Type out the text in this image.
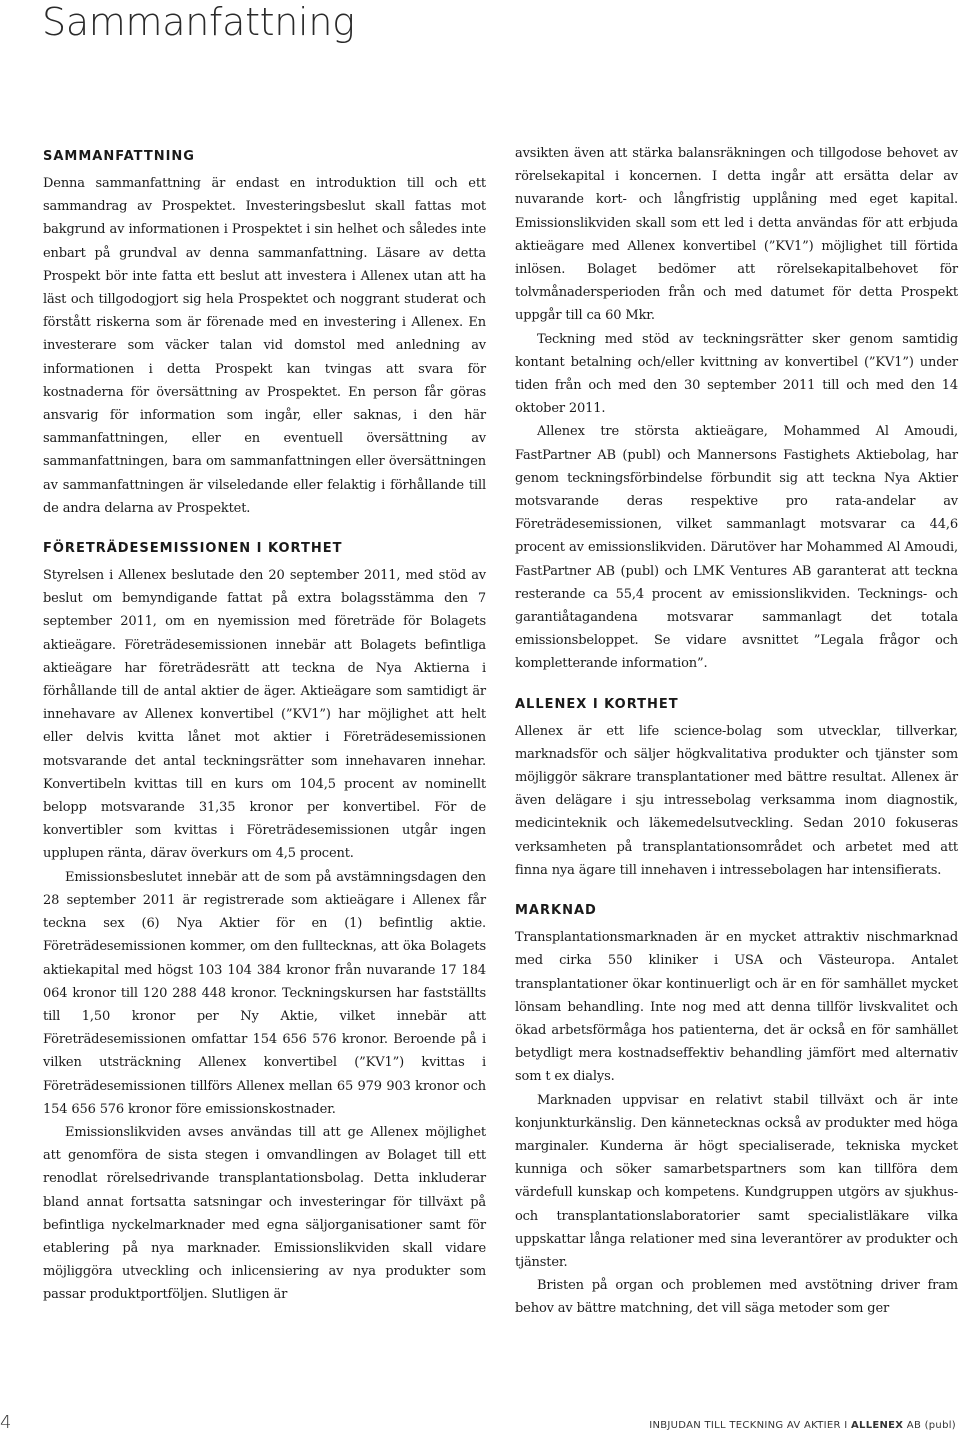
Sammanfattning
SAMMANFATTNING

Denna sammanfattning är endast en introduktion till och ett sammandrag av Prospektet. Investeringsbeslut skall fattas mot bakgrund av informationen i Prospektet i sin helhet och således inte enbart på grundval av denna sammanfattning. Läsare av detta Prospekt bör inte fatta ett beslut att investera i Allenex utan att ha läst och tillgodogjort sig hela Prospektet och noggrant studerat och förstått riskerna som är förenade med en investering i Allenex. En investerare som väcker talan vid domstol med anledning av informationen i detta Prospekt kan tvingas att svara för kostnaderna för översättning av Prospektet. En person får göras ansvarig för information som ingår, eller saknas, i den här sammanfattningen, eller en eventuell översättning av sammanfattningen, bara om sammanfattningen eller översättningen av sammanfattningen är vilseledande eller felaktig i förhållande till de andra delarna av Prospektet.

FÖRETRÄDESEMISSIONEN I KORTHET

Styrelsen i Allenex beslutade den 20 september 2011, med stöd av beslut om bemyndigande fattat på extra bolagsstämma den 7 september 2011, om en nyemission med företräde för Bolagets aktieägare. Företrädesemissionen innebär att Bolagets befintliga aktieägare har företrädesrätt att teckna de Nya Aktierna i förhållande till de antal aktier de äger. Aktieägare som samtidigt är innehavare av Allenex konvertibel (”KV1”) har möjlighet att helt eller delvis kvitta lånet mot aktier i Företrädesemissionen motsvarande det antal teckningsrätter som innehavaren innehar. Konvertibeln kvittas till en kurs om 104,5 procent av nominellt belopp motsvarande 31,35 kronor per konvertibel. För de konvertibler som kvittas i Företrädesemissionen utgår ingen upplupen ränta, därav överkurs om 4,5 procent.

Emissionsbeslutet innebär att de som på avstämningsdagen den 28 september 2011 är registrerade som aktieägare i Allenex får teckna sex (6) Nya Aktier för en (1) befintlig aktie. Företrädesemissionen kommer, om den fulltecknas, att öka Bolagets aktiekapital med högst 103 104 384 kronor från nuvarande 17 184 064 kronor till 120 288 448 kronor. Teckningskursen har fastställts till 1,50 kronor per Ny Aktie, vilket innebär att Företrädesemissionen omfattar 154 656 576 kronor. Beroende på i vilken utsträckning Allenex konvertibel (”KV1”) kvittas i Företrädesemissionen tillförs Allenex mellan 65 979 903 kronor och 154 656 576 kronor före emissionskostnader.

Emissionslikviden avses användas till att ge Allenex möjlighet att genomföra de sista stegen i omvandlingen av Bolaget till ett renodlat rörelsedrivande transplantationsbolag. Detta inkluderar bland annat fortsatta satsningar och investeringar för tillväxt på befintliga nyckelmarknader med egna säljorganisationer samt för etablering på nya marknader. Emissionslikviden skall vidare möjliggöra utveckling och inlicensiering av nya produkter som passar produktportföljen. Slutligen är

avsikten även att stärka balansräkningen och tillgodose behovet av rörelsekapital i koncernen. I detta ingår att ersätta delar av nuvarande kort- och långfristig upplåning med eget kapital. Emissionslikviden skall som ett led i detta användas för att erbjuda aktieägare med Allenex konvertibel (”KV1”) möjlighet till förtida inlösen. Bolaget bedömer att rörelsekapitalbehovet för tolvmånadersperioden från och med datumet för detta Prospekt uppgår till ca 60 Mkr.

Teckning med stöd av teckningsrätter sker genom samtidig kontant betalning och/eller kvittning av konvertibel (”KV1”) under tiden från och med den 30 september 2011 till och med den 14 oktober 2011.

Allenex tre största aktieägare, Mohammed Al Amoudi, FastPartner AB (publ) och Mannersons Fastighets Aktiebolag, har genom teckningsförbindelse förbundit sig att teckna Nya Aktier motsvarande deras respektive pro rata-andelar av Företrädesemissionen, vilket sammanlagt motsvarar ca 44,6 procent av emissionslikviden. Därutöver har Mohammed Al Amoudi, FastPartner AB (publ) och LMK Ventures AB garanterat att teckna resterande ca 55,4 procent av emissionslikviden. Tecknings- och garantiåtagandena motsvarar sammanlagt det totala emissionsbeloppet. Se vidare avsnittet ”Legala frågor och kompletterande information”.

ALLENEX I KORTHET

Allenex är ett life science-bolag som utvecklar, tillverkar, marknadsför och säljer högkvalitativa produkter och tjänster som möjliggör säkrare transplantationer med bättre resultat. Allenex är även delägare i sju intressebolag verksamma inom diagnostik, medicinteknik och läkemedelsutveckling. Sedan 2010 fokuseras verksamheten på transplantationsområdet och arbetet med att finna nya ägare till innehaven i intressebolagen har intensifierats.

MARKNAD

Transplantationsmarknaden är en mycket attraktiv nischmarknad med cirka 550 kliniker i USA och Västeuropa. Antalet transplantationer ökar kontinuerligt och är en för samhället mycket lönsam behandling. Inte nog med att denna tillför livskvalitet och ökad arbetsförmåga hos patienterna, det är också en för samhället betydligt mera kostnadseffektiv behandling jämfört med alternativ som t ex dialys.

Marknaden uppvisar en relativt stabil tillväxt och är inte konjunkturkänslig. Den kännetecknas också av produkter med höga marginaler. Kunderna är högt specialiserade, tekniska mycket kunniga och söker samarbetspartners som kan tillföra dem värdefull kunskap och kompetens. Kundgruppen utgörs av sjukhus- och transplantationslaboratorier samt specialistläkare vilka uppskattar långa relationer med sina leverantörer av produkter och tjänster.

Bristen på organ och problemen med avstötning driver fram behov av bättre matchning, det vill säga metoder som ger

4	INBJUDAN TILL TECKNING AV AKTIER I ALLENEX AB (publ)
